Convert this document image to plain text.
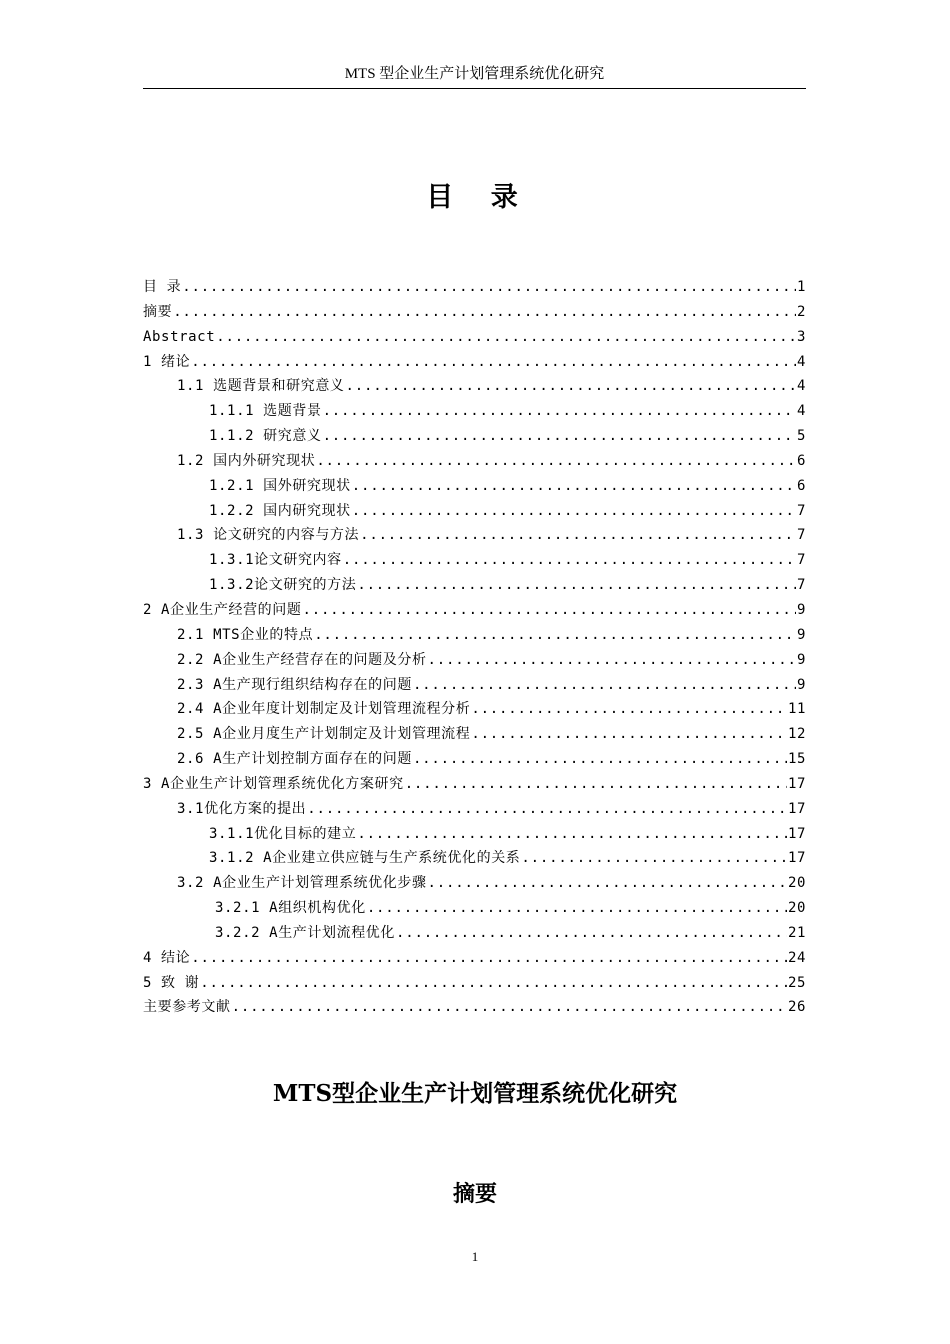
MTS 型企业生产计划管理系统优化研究
目 录
目 录 .....	1
摘要 .....	2
Abstract .....	3
1 绪论 .....	4
1.1 选题背景和研究意义 .....	4
1.1.1 选题背景 .....	4
1.1.2 研究意义 .....	5
1.2 国内外研究现状 .....	6
1.2.1 国外研究现状 .....	6
1.2.2 国内研究现状 .....	7
1.3 论文研究的内容与方法 .....	7
1.3.1论文研究内容 .....	7
1.3.2论文研究的方法 .....	7
2 A企业生产经营的问题 .....	9
2.1 MTS企业的特点 .....	9
2.2 A企业生产经营存在的问题及分析 .....	9
2.3 A生产现行组织结构存在的问题 .....	9
2.4 A企业年度计划制定及计划管理流程分析 .....	11
2.5 A企业月度生产计划制定及计划管理流程 .....	12
2.6 A生产计划控制方面存在的问题 .....	15
3 A企业生产计划管理系统优化方案研究 .....	17
3.1优化方案的提出 .....	17
3.1.1优化目标的建立 .....	17
3.1.2 A企业建立供应链与生产系统优化的关系 .....	17
3.2 A企业生产计划管理系统优化步骤 .....	20
3.2.1 A组织机构优化 .....	20
3.2.2 A生产计划流程优化 .....	21
4 结论 .....	24
5 致 谢 .....	25
主要参考文献 .....	26
MTS型企业生产计划管理系统优化研究
摘要
1
